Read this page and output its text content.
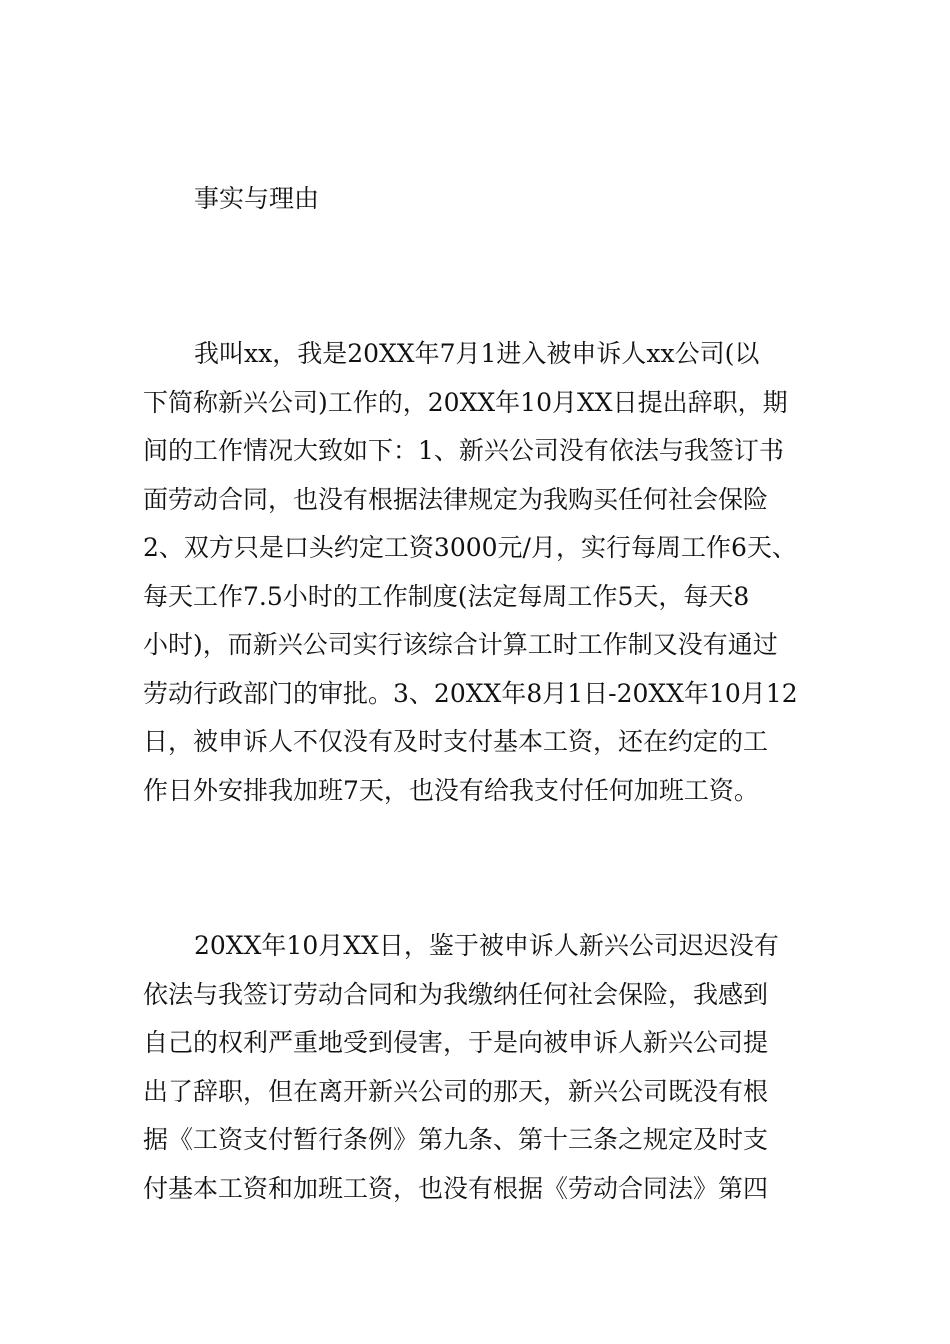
事实与理由
我叫xx，我是20XX年7月1进入被申诉人xx公司(以
下简称新兴公司)工作的，20XX年10月XX日提出辞职，期
间的工作情况大致如下：1、新兴公司没有依法与我签订书
面劳动合同，也没有根据法律规定为我购买任何社会保险
2、双方只是口头约定工资3000元/月，实行每周工作6天、
每天工作7.5小时的工作制度(法定每周工作5天，每天8
小时)，而新兴公司实行该综合计算工时工作制又没有通过
劳动行政部门的审批。3、20XX年8月1日-20XX年10月12
日，被申诉人不仅没有及时支付基本工资，还在约定的工
作日外安排我加班7天，也没有给我支付任何加班工资。
20XX年10月XX日，鉴于被申诉人新兴公司迟迟没有
依法与我签订劳动合同和为我缴纳任何社会保险，我感到
自己的权利严重地受到侵害，于是向被申诉人新兴公司提
出了辞职，但在离开新兴公司的那天，新兴公司既没有根
据《工资支付暂行条例》第九条、第十三条之规定及时支
付基本工资和加班工资，也没有根据《劳动合同法》第四
